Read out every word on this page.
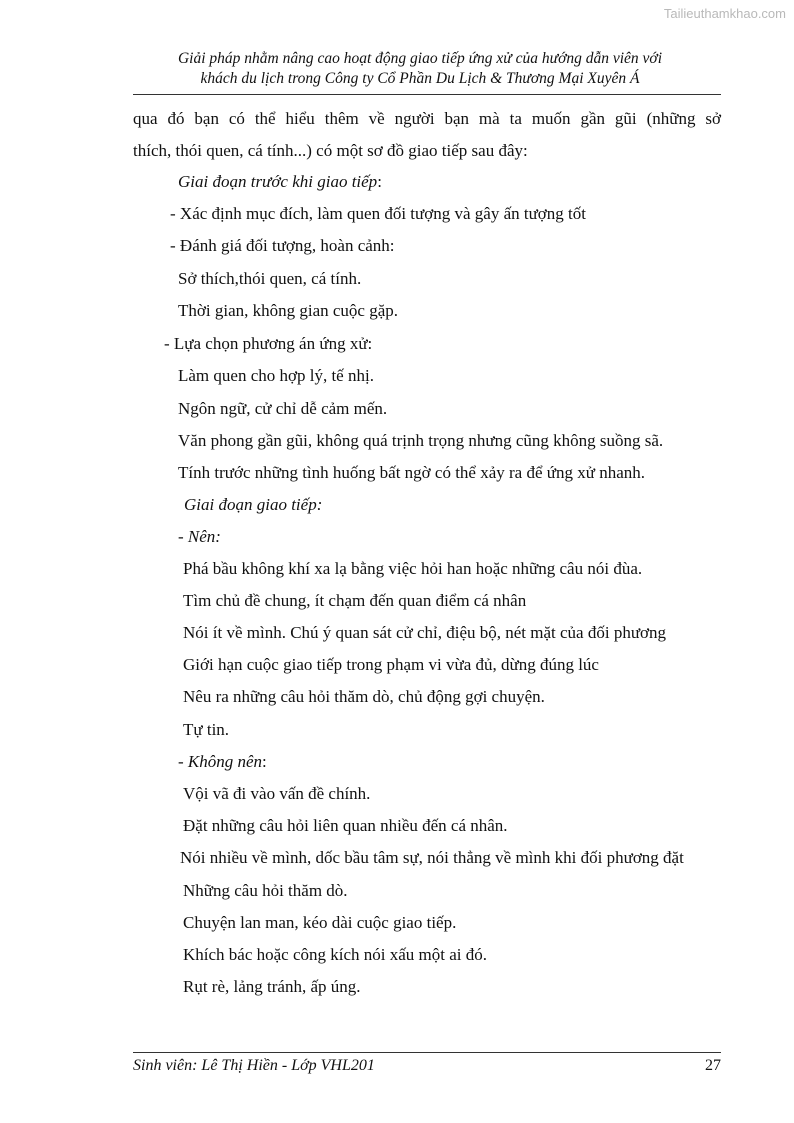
Tailieuthamkhao.com
Giải pháp nhằm nâng cao hoạt động giao tiếp ứng xử của hướng dẫn viên với
khách du lịch trong Công ty Cổ Phần Du Lịch & Thương Mại Xuyên Á
qua đó bạn có thể hiểu thêm về người bạn mà ta muốn gần gũi (những sở
thích, thói quen, cá tính...) có một sơ đồ giao tiếp sau đây:
Giai đoạn trước khi giao tiếp:
- Xác định mục đích, làm quen đối tượng và gây ấn tượng tốt
- Đánh giá đối tượng, hoàn cảnh:
Sở thích,thói quen, cá tính.
Thời gian, không gian cuộc gặp.
- Lựa chọn phương án ứng xử:
Làm quen cho hợp lý, tế nhị.
Ngôn ngữ, cử chỉ dễ cảm mến.
Văn phong gần gũi, không quá trịnh trọng nhưng cũng không suồng sã.
Tính trước những tình huống bất ngờ có thể xảy ra để ứng xử nhanh.
Giai đoạn giao tiếp:
- Nên:
Phá bầu không khí xa lạ bằng việc hỏi han hoặc những câu nói đùa.
Tìm chủ đề chung, ít chạm đến quan điểm cá nhân
Nói ít về mình. Chú ý quan sát cử chỉ, điệu bộ, nét mặt của đối phương
Giới hạn cuộc giao tiếp trong phạm vi vừa đủ, dừng đúng lúc
Nêu ra những câu hỏi thăm dò, chủ động gợi chuyện.
Tự tin.
- Không nên:
Vội vã đi vào vấn đề chính.
Đặt những câu hỏi liên quan nhiều đến cá nhân.
Nói nhiều về mình, dốc bầu tâm sự, nói thẳng về mình khi đối phương đặt
Những câu hỏi thăm dò.
Chuyện lan man, kéo dài cuộc giao tiếp.
Khích bác hoặc công kích nói xấu một ai đó.
Rụt rè, lảng tránh, ấp úng.
Sinh viên: Lê Thị Hiền - Lớp VHL201	27
